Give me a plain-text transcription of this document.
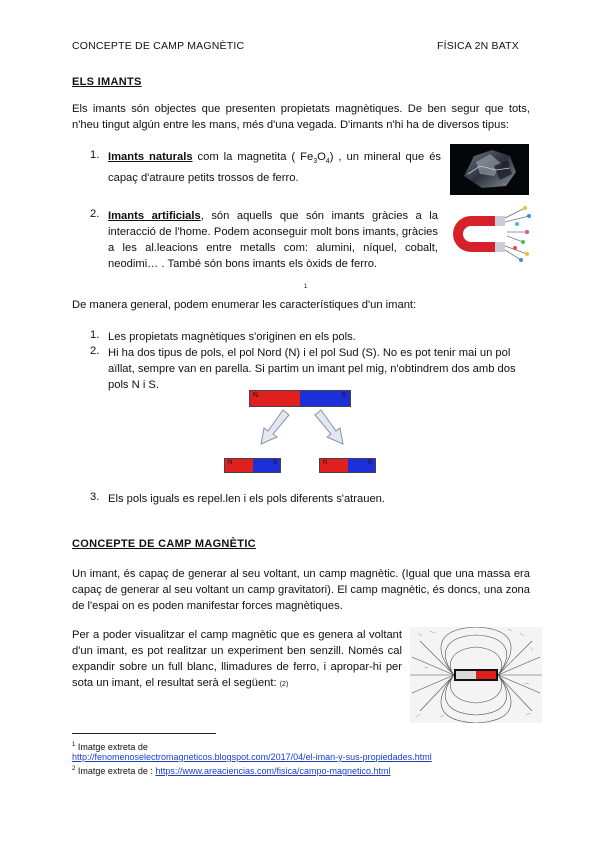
CONCEPTE DE CAMP MAGNÈTIC	FÍSICA 2N BATX
ELS IMANTS
Els imants són objectes que presenten propietats magnètiques. De ben segur que tots, n'heu tingut algún entre les mans, més d'una vegada. D'imants n'hi ha de diversos tipus:
1. Imants naturals com la magnetita ( $Fe_3O_4$) , un mineral que és capaç d'atraure petits trossos de ferro.
2. Imants artificials, són aquells que són imants gràcies a la interacció de l'home. Podem aconseguir molt bons imants, gràcies a les al.leacions entre metalls com: alumini, níquel, cobalt, neodimi… . També són bons imants els òxids de ferro.
1
De manera general, podem enumerar les característiques d'un imant:
1. Les propietats magnètiques s'originen en els pols.
2. Hi ha dos tipus de pols, el pol Nord (N) i el pol Sud (S). No es pot tenir mai un pol aïllat, sempre van en parella. Si partim un imant pel mig, n'obtindrem dos amb dos pols N i S.
N	S
N	S	N	S
3. Els pols iguals es repel.len i els pols diferents s'atrauen.
CONCEPTE DE CAMP MAGNÈTIC
Un imant, és capaç de generar al seu voltant, un camp magnètic. (Igual que una massa era capaç de generar al seu voltant un camp gravitatori). El camp magnètic, és doncs, una zona de l'espai on es poden manifestar forces magnètiques.
Per a poder visualitzar el camp magnètic que es genera al voltant d'un imant, es pot realitzar un experiment ben senzill. Només cal expandir sobre un full blanc, llimadures de ferro, i apropar-hi per sota un imant, el resultat serà el següent: (2)
$^1$ Imatge extreta de
http://fenomenoselectromagneticos.blogspot.com/2017/04/el-iman-y-sus-propiedades.html
$^2$ Imatge extreta de : https://www.areaciencias.com/fisica/campo-magnetico.html
